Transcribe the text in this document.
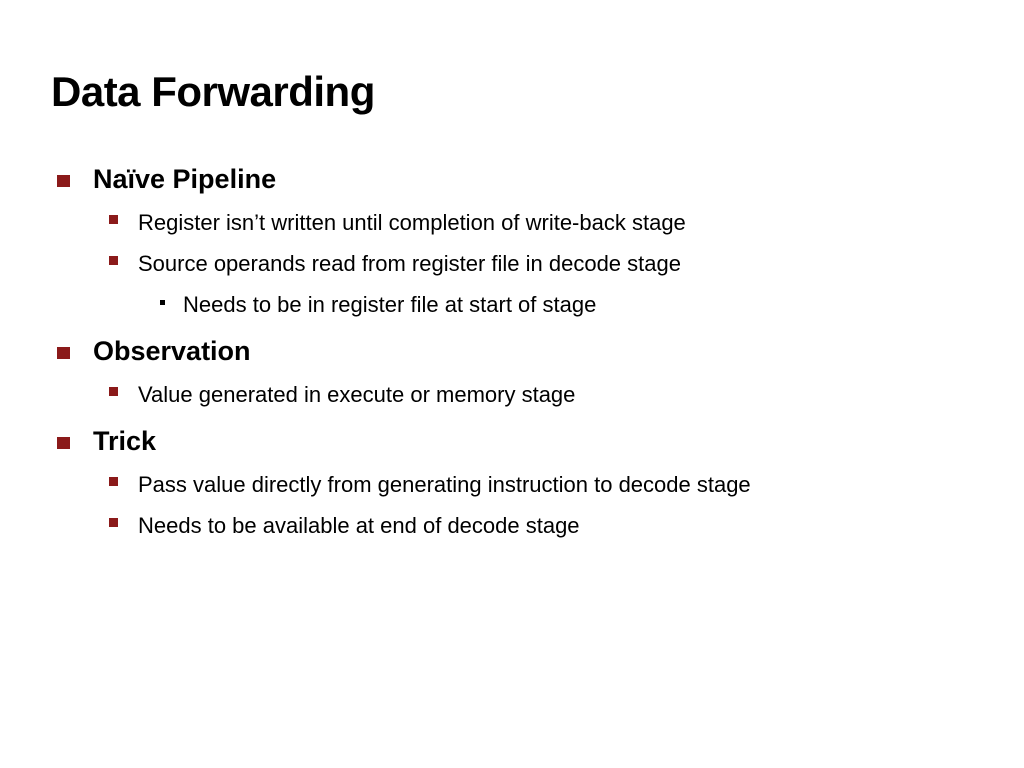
Data Forwarding
Naïve Pipeline
Register isn’t written until completion of write-back stage
Source operands read from register file in decode stage
Needs to be in register file at start of stage
Observation
Value generated in execute or memory stage
Trick
Pass value directly from generating instruction to decode stage
Needs to be available at end of decode stage
